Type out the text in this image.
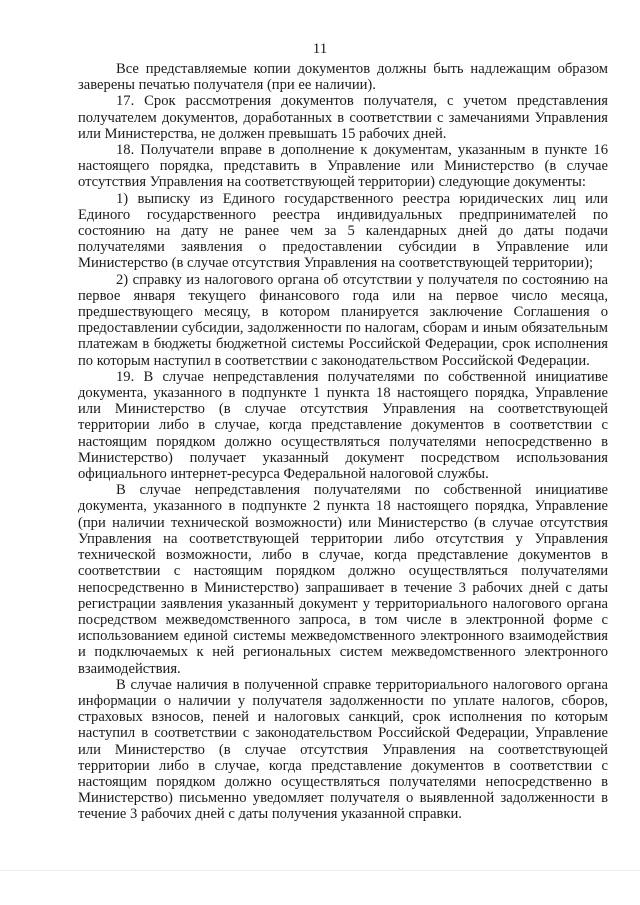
11

Все представляемые копии документов должны быть надлежащим образом заверены печатью получателя (при ее наличии).

17. Срок рассмотрения документов получателя, с учетом представления получателем документов, доработанных в соответствии с замечаниями Управления или Министерства, не должен превышать 15 рабочих дней.

18. Получатели вправе в дополнение к документам, указанным в пункте 16 настоящего порядка, представить в Управление или Министерство (в случае отсутствия Управления на соответствующей территории) следующие документы:

1) выписку из Единого государственного реестра юридических лиц или Единого государственного реестра индивидуальных предпринимателей по состоянию на дату не ранее чем за 5 календарных дней до даты подачи получателями заявления о предоставлении субсидии в Управление или Министерство (в случае отсутствия Управления на соответствующей территории);

2) справку из налогового органа об отсутствии у получателя по состоянию на первое января текущего финансового года или на первое число месяца, предшествующего месяцу, в котором планируется заключение Соглашения о предоставлении субсидии, задолженности по налогам, сборам и иным обязательным платежам в бюджеты бюджетной системы Российской Федерации, срок исполнения по которым наступил в соответствии с законодательством Российской Федерации.

19. В случае непредставления получателями по собственной инициативе документа, указанного в подпункте 1 пункта 18 настоящего порядка, Управление или Министерство (в случае отсутствия Управления на соответствующей территории либо в случае, когда представление документов в соответствии с настоящим порядком должно осуществляться получателями непосредственно в Министерство) получает указанный документ посредством использования официального интернет-ресурса Федеральной налоговой службы.

В случае непредставления получателями по собственной инициативе документа, указанного в подпункте 2 пункта 18 настоящего порядка, Управление (при наличии технической возможности) или Министерство (в случае отсутствия Управления на соответствующей территории либо отсутствия у Управления технической возможности, либо в случае, когда представление документов в соответствии с настоящим порядком должно осуществляться получателями непосредственно в Министерство) запрашивает в течение 3 рабочих дней с даты регистрации заявления указанный документ у территориального налогового органа посредством межведомственного запроса, в том числе в электронной форме с использованием единой системы межведомственного электронного взаимодействия и подключаемых к ней региональных систем межведомственного электронного взаимодействия.

В случае наличия в полученной справке территориального налогового органа информации о наличии у получателя задолженности по уплате налогов, сборов, страховых взносов, пеней и налоговых санкций, срок исполнения по которым наступил в соответствии с законодательством Российской Федерации, Управление или Министерство (в случае отсутствия Управления на соответствующей территории либо в случае, когда представление документов в соответствии с настоящим порядком должно осуществляться получателями непосредственно в Министерство) письменно уведомляет получателя о выявленной задолженности в течение 3 рабочих дней с даты получения указанной справки.
